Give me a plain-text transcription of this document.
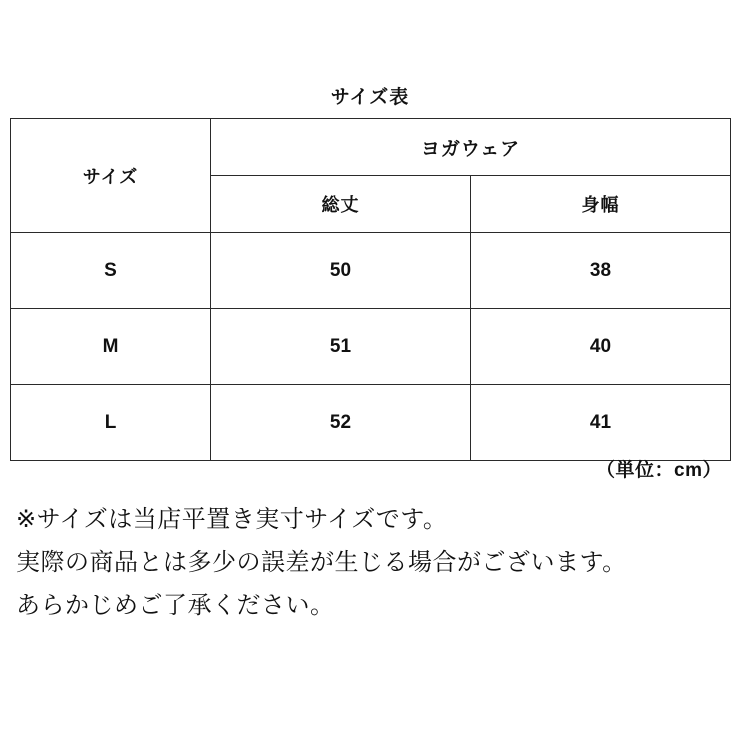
サイズ表
サイズ	ヨガウェア	
	総丈	身幅
S	50	38
M	51	40
L	52	41
（単位：cm）
※サイズは当店平置き実寸サイズです。
実際の商品とは多少の誤差が生じる場合がございます。
あらかじめご了承ください。
